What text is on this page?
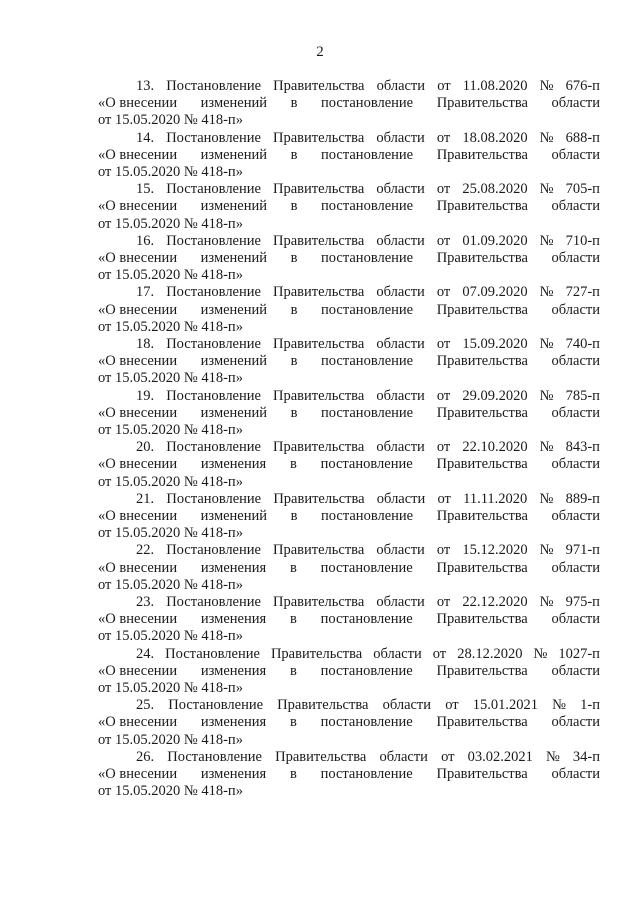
2
13. Постановление Правительства области от 11.08.2020 № 676-п
«О внесении изменений в постановление Правительства области
от 15.05.2020 № 418-п»
14. Постановление Правительства области от 18.08.2020 № 688-п
«О внесении изменений в постановление Правительства области
от 15.05.2020 № 418-п»
15. Постановление Правительства области от 25.08.2020 № 705-п
«О внесении изменений в постановление Правительства области
от 15.05.2020 № 418-п»
16. Постановление Правительства области от 01.09.2020 № 710-п
«О внесении изменений в постановление Правительства области
от 15.05.2020 № 418-п»
17. Постановление Правительства области от 07.09.2020 № 727-п
«О внесении изменений в постановление Правительства области
от 15.05.2020 № 418-п»
18. Постановление Правительства области от 15.09.2020 № 740-п
«О внесении изменений в постановление Правительства области
от 15.05.2020 № 418-п»
19. Постановление Правительства области от 29.09.2020 № 785-п
«О внесении изменений в постановление Правительства области
от 15.05.2020 № 418-п»
20. Постановление Правительства области от 22.10.2020 № 843-п
«О внесении изменения в постановление Правительства области
от 15.05.2020 № 418-п»
21. Постановление Правительства области от 11.11.2020 № 889-п
«О внесении изменений в постановление Правительства области
от 15.05.2020 № 418-п»
22. Постановление Правительства области от 15.12.2020 № 971-п
«О внесении изменения в постановление Правительства области
от 15.05.2020 № 418-п»
23. Постановление Правительства области от 22.12.2020 № 975-п
«О внесении изменения в постановление Правительства области
от 15.05.2020 № 418-п»
24. Постановление Правительства области от 28.12.2020 № 1027-п
«О внесении изменения в постановление Правительства области
от 15.05.2020 № 418-п»
25. Постановление Правительства области от 15.01.2021 № 1-п
«О внесении изменения в постановление Правительства области
от 15.05.2020 № 418-п»
26. Постановление Правительства области от 03.02.2021 № 34-п
«О внесении изменения в постановление Правительства области
от 15.05.2020 № 418-п»
